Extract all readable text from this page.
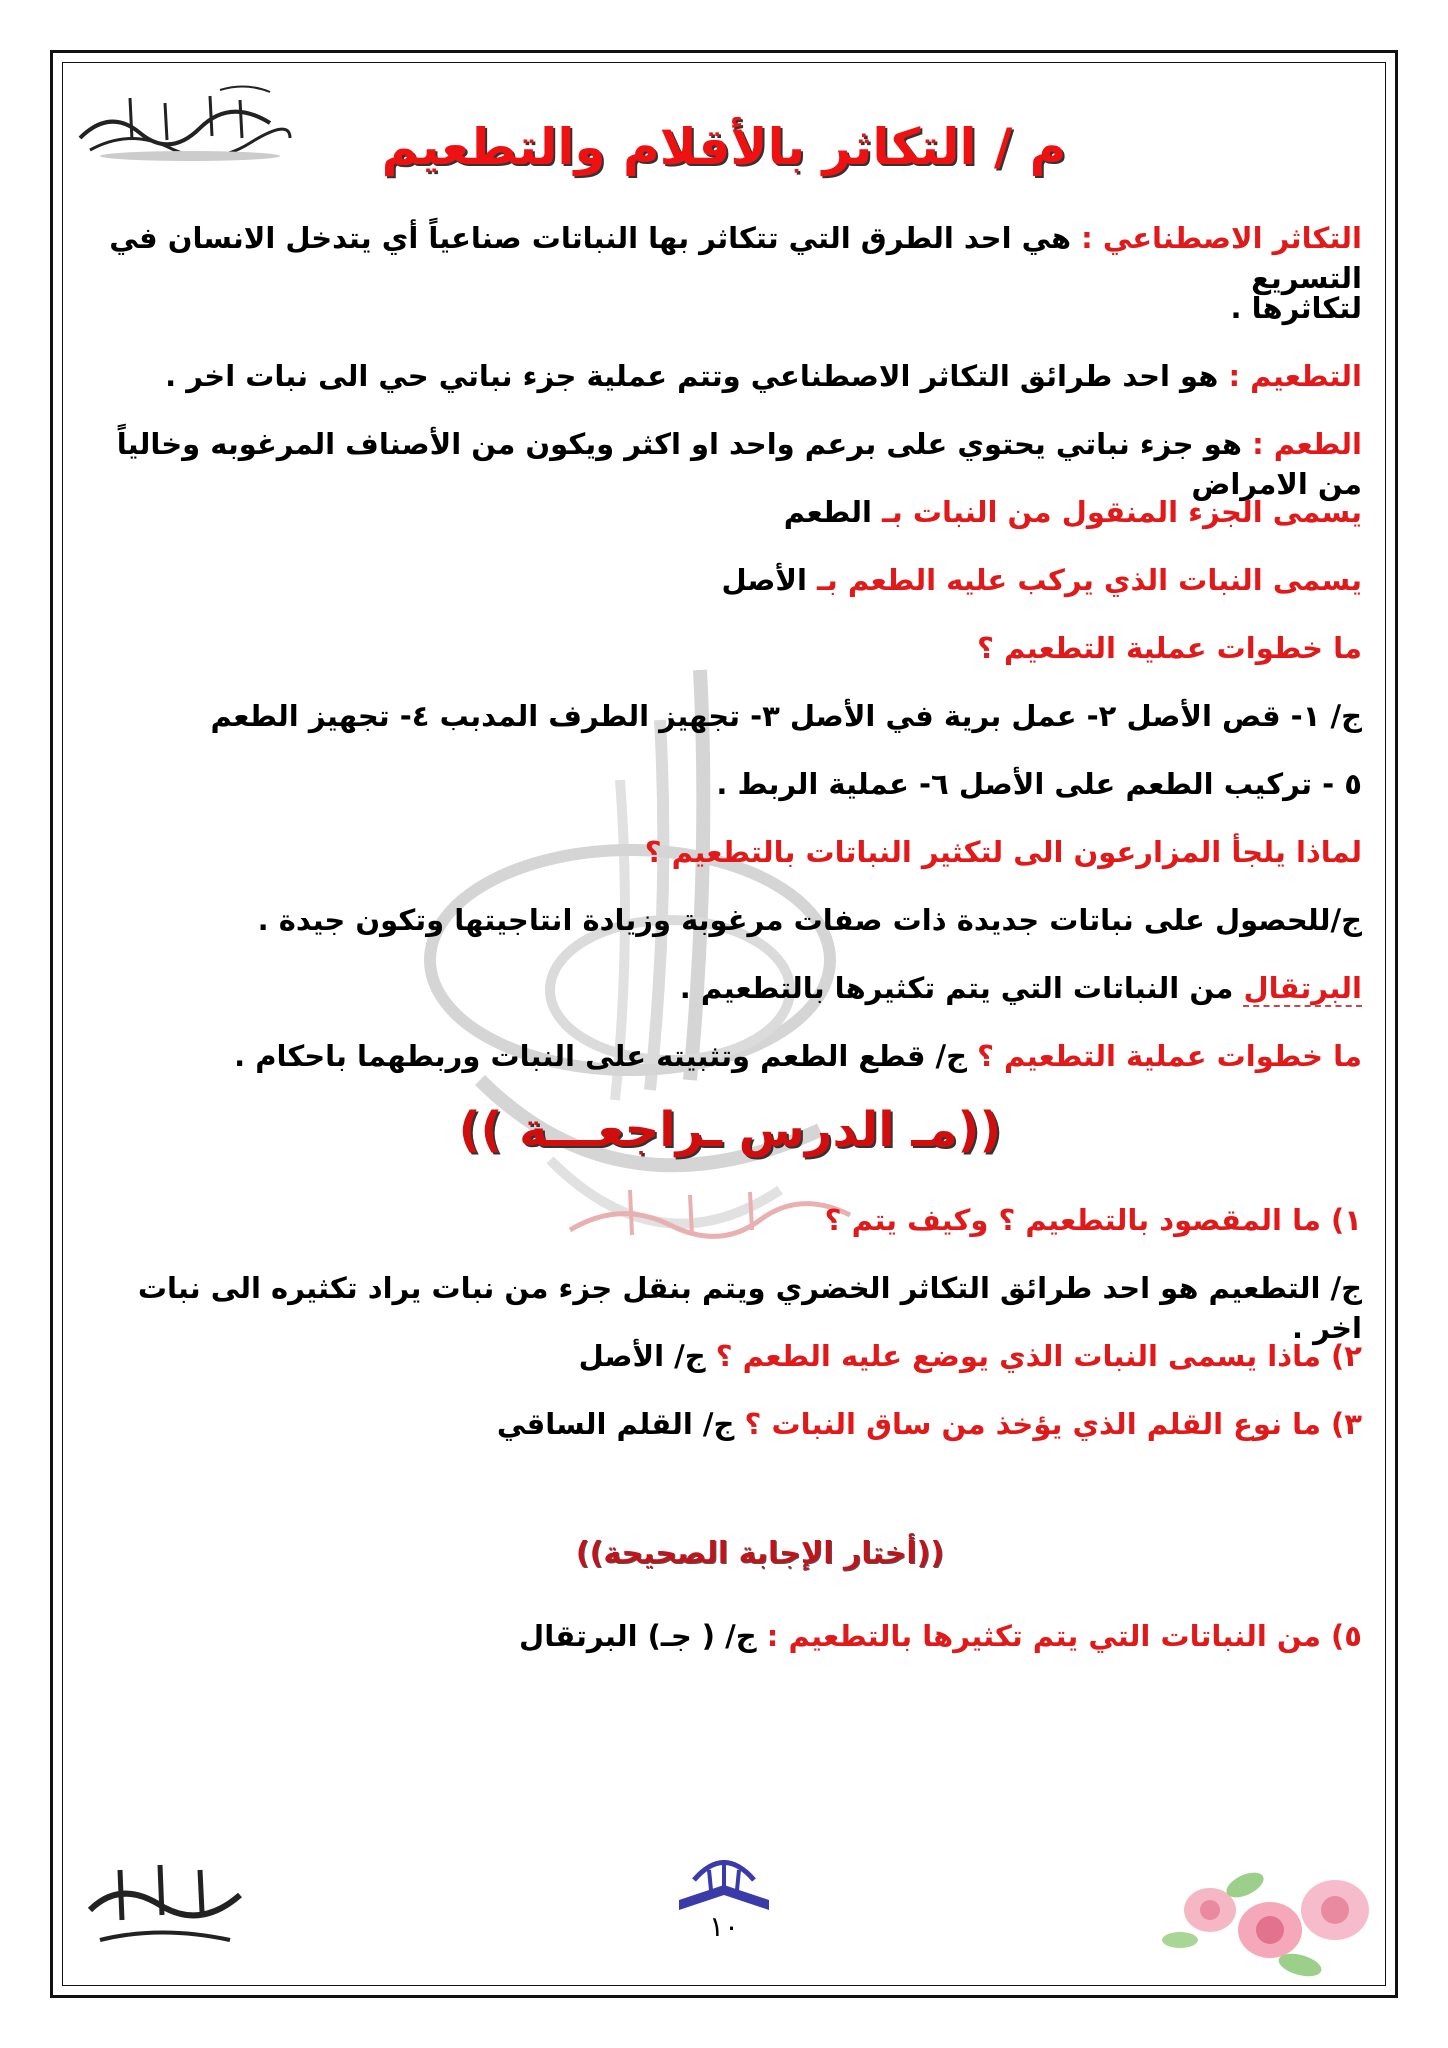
م / التكاثر بالأقلام والتطعيم
التكاثر الاصطناعي : هي احد الطرق التي تتكاثر بها النباتات صناعياً أي يتدخل الانسان في التسريع
لتكاثرها .
التطعيم : هو احد طرائق التكاثر الاصطناعي وتتم عملية جزء نباتي حي الى نبات اخر .
الطعم : هو جزء نباتي يحتوي على برعم واحد او اكثر ويكون من الأصناف المرغوبه وخالياً من الامراض
يسمى الجزء المنقول من النبات بـ الطعم
يسمى النبات الذي يركب عليه الطعم بـ الأصل
ما خطوات عملية التطعيم ؟
ج/ ١- قص الأصل ٢- عمل برية في الأصل ٣- تجهيز الطرف المدبب ٤- تجهيز الطعم
٥ - تركيب الطعم على الأصل ٦- عملية الربط .
لماذا يلجأ المزارعون الى لتكثير النباتات بالتطعيم ؟
ج/للحصول على نباتات جديدة ذات صفات مرغوبة وزيادة انتاجيتها وتكون جيدة .
البرتقال من النباتات التي يتم تكثيرها بالتطعيم .
ما خطوات عملية التطعيم ؟ ج/ قطع الطعم وتثبيته على النبات وربطهما باحكام .
((مـ الدرس ـراجعـــة ))
١) ما المقصود بالتطعيم ؟ وكيف يتم ؟
ج/ التطعيم هو احد طرائق التكاثر الخضري ويتم بنقل جزء من نبات يراد تكثيره الى نبات اخر .
٢) ماذا يسمى النبات الذي يوضع عليه الطعم ؟ ج/ الأصل
٣) ما نوع القلم الذي يؤخذ من ساق النبات ؟ ج/ القلم الساقي
((أختار الإجابة الصحيحة))
٥) من النباتات التي يتم تكثيرها بالتطعيم : ج/ ( جـ) البرتقال
١٠
